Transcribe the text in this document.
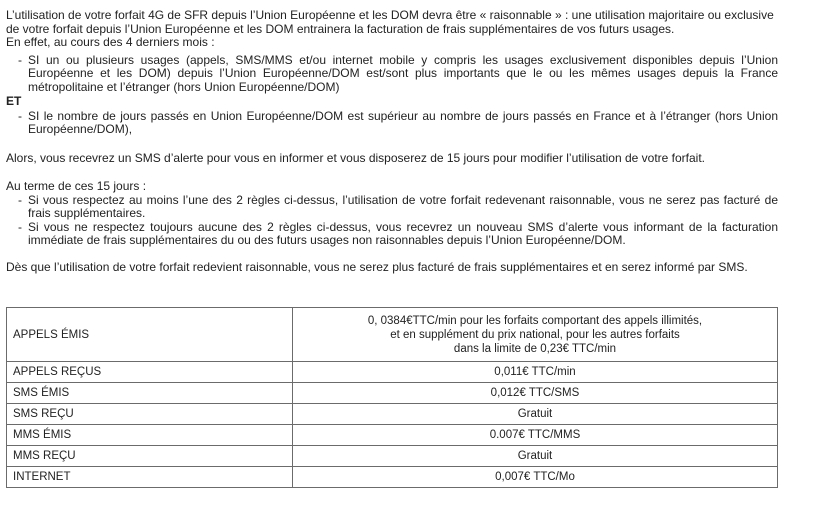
L’utilisation de votre forfait 4G de SFR depuis l’Union Européenne et les DOM devra être « raisonnable » : une utilisation majoritaire ou exclusive de votre forfait depuis l’Union Européenne et les DOM entrainera la facturation de frais supplémentaires de vos futurs usages.
En effet, au cours des 4 derniers mois :

- SI un ou plusieurs usages (appels, SMS/MMS et/ou internet mobile y compris les usages exclusivement disponibles depuis l’Union Européenne et les DOM) depuis l’Union Européenne/DOM est/sont plus importants que le ou les mêmes usages depuis la France métropolitaine et l’étranger (hors Union Européenne/DOM)

ET

- SI le nombre de jours passés en Union Européenne/DOM est supérieur au nombre de jours passés en France et à l’étranger (hors Union Européenne/DOM),

Alors, vous recevrez un SMS d’alerte pour vous en informer et vous disposerez de 15 jours pour modifier l’utilisation de votre forfait.

Au terme de ces 15 jours :

- Si vous respectez au moins l’une des 2 règles ci-dessus, l’utilisation de votre forfait redevenant raisonnable, vous ne serez pas facturé de frais supplémentaires.
- Si vous ne respectez toujours aucune des 2 règles ci-dessus, vous recevrez un nouveau SMS d’alerte vous informant de la facturation immédiate de frais supplémentaires du ou des futurs usages non raisonnables depuis l’Union Européenne/DOM.

Dès que l’utilisation de votre forfait redevient raisonnable, vous ne serez plus facturé de frais supplémentaires et en serez informé par SMS.

APPELS ÉMIS	0, 0384€TTC/min pour les forfaits comportant des appels illimités,
et en supplément du prix national, pour les autres forfaits
dans la limite de 0,23€ TTC/min

APPELS REÇUS	0,011€ TTC/min
SMS ÉMIS	0,012€ TTC/SMS
SMS REÇU	Gratuit
MMS ÉMIS	0.007€ TTC/MMS
MMS REÇU	Gratuit
INTERNET	0,007€ TTC/Mo
